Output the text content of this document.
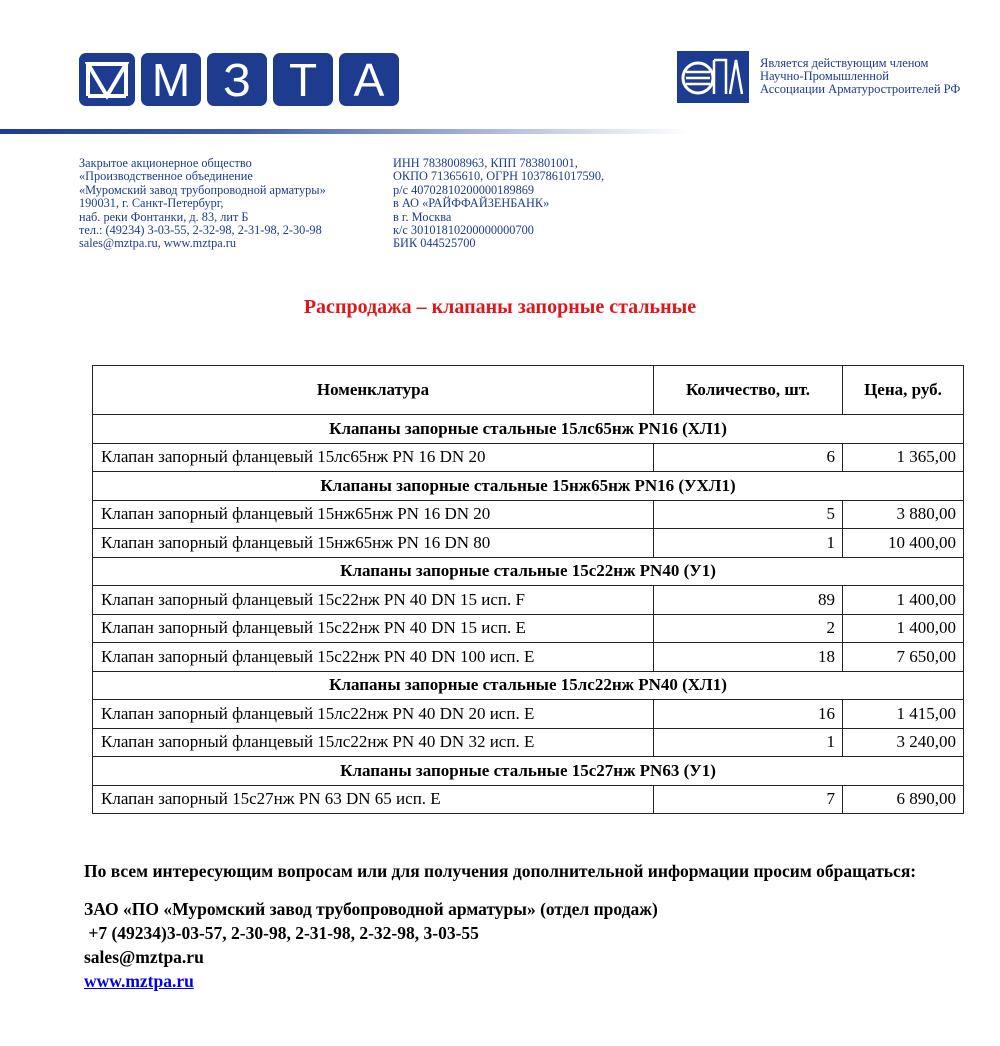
М З Т А	Является действующим членом
Научно-Промышленной
Ассоциации Арматуростроителей РФ
Закрытое акционерное общество
«Производственное объединение
«Муромский завод трубопроводной арматуры»
190031, г. Санкт-Петербург,
наб. реки Фонтанки, д. 83, лит Б
тел.: (49234) 3-03-55, 2-32-98, 2-31-98, 2-30-98
sales@mztpa.ru, www.mztpa.ru
ИНН 7838008963, КПП 783801001,
ОКПО 71365610, ОГРН 1037861017590,
р/с 40702810200000189869
в АО «РАЙФФАЙЗЕНБАНК»
в г. Москва
к/с 30101810200000000700
БИК 044525700
Распродажа – клапаны запорные стальные
Номенклатура	Количество, шт.	Цена, руб.
Клапаны запорные стальные 15лс65нж PN16 (ХЛ1)		
Клапан запорный фланцевый 15лс65нж PN 16 DN 20	6	1 365,00
Клапаны запорные стальные 15нж65нж PN16 (УХЛ1)		
Клапан запорный фланцевый 15нж65нж PN 16 DN 20	5	3 880,00
Клапан запорный фланцевый 15нж65нж PN 16 DN 80	1	10 400,00
Клапаны запорные стальные 15с22нж PN40 (У1)		
Клапан запорный фланцевый 15с22нж PN 40 DN 15 исп. F	89	1 400,00
Клапан запорный фланцевый 15с22нж PN 40 DN 15 исп. Е	2	1 400,00
Клапан запорный фланцевый 15с22нж PN 40 DN 100 исп. Е	18	7 650,00
Клапаны запорные стальные 15лс22нж PN40 (ХЛ1)		
Клапан запорный фланцевый 15лс22нж PN 40 DN 20 исп. Е	16	1 415,00
Клапан запорный фланцевый 15лс22нж PN 40 DN 32 исп. Е	1	3 240,00
Клапаны запорные стальные 15с27нж PN63 (У1)		
Клапан запорный 15с27нж PN 63 DN 65 исп. Е	7	6 890,00

По всем интересующим вопросам или для получения дополнительной информации просим обращаться:

ЗАО «ПО «Муромский завод трубопроводной арматуры» (отдел продаж)

+7 (49234)3-03-57, 2-30-98, 2-31-98, 2-32-98, 3-03-55

sales@mztpa.ru

www.mztpa.ru
